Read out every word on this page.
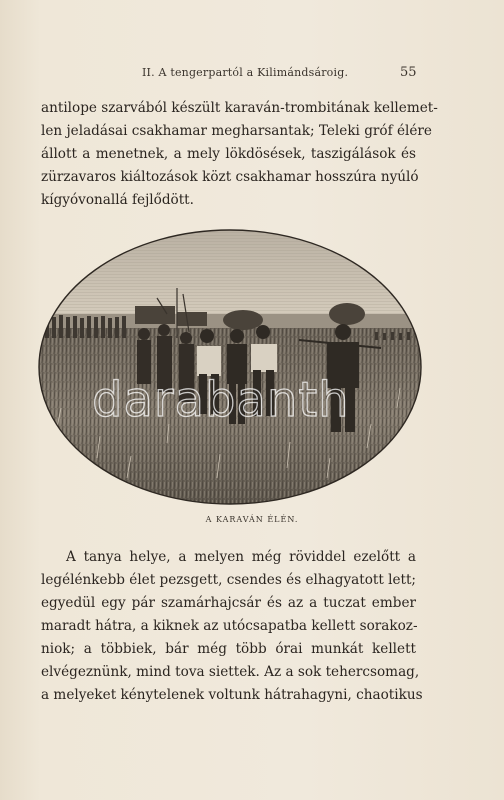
II. A tengerpartól a Kilimándsároig.	55

antilope szarvából készült karaván-trombitának kellemet-
len jeladásai csakhamar megharsantak; Teleki gróf élére
állott a menetnek, a mely lökdösések, taszigálások és
zürzavaros kiáltozások közt csakhamar hosszúra nyúló
kígyóvonallá fejlődött.

A KARAVÁN ÉLÉN.

A tanya helye, a melyen még röviddel ezelőtt a
legélénkebb élet pezsgett, csendes és elhagyatott lett;
egyedül egy pár szamárhajcsár és az a tuczat ember
maradt hátra, a kiknek az utócsapatba kellett sorakoz-
niok; a többiek, bár még több órai munkát kellett
elvégeznünk, mind tova siettek. Az a sok tehercsomag,
a melyeket kénytelenek voltunk hátrahagyni, chaotikus
